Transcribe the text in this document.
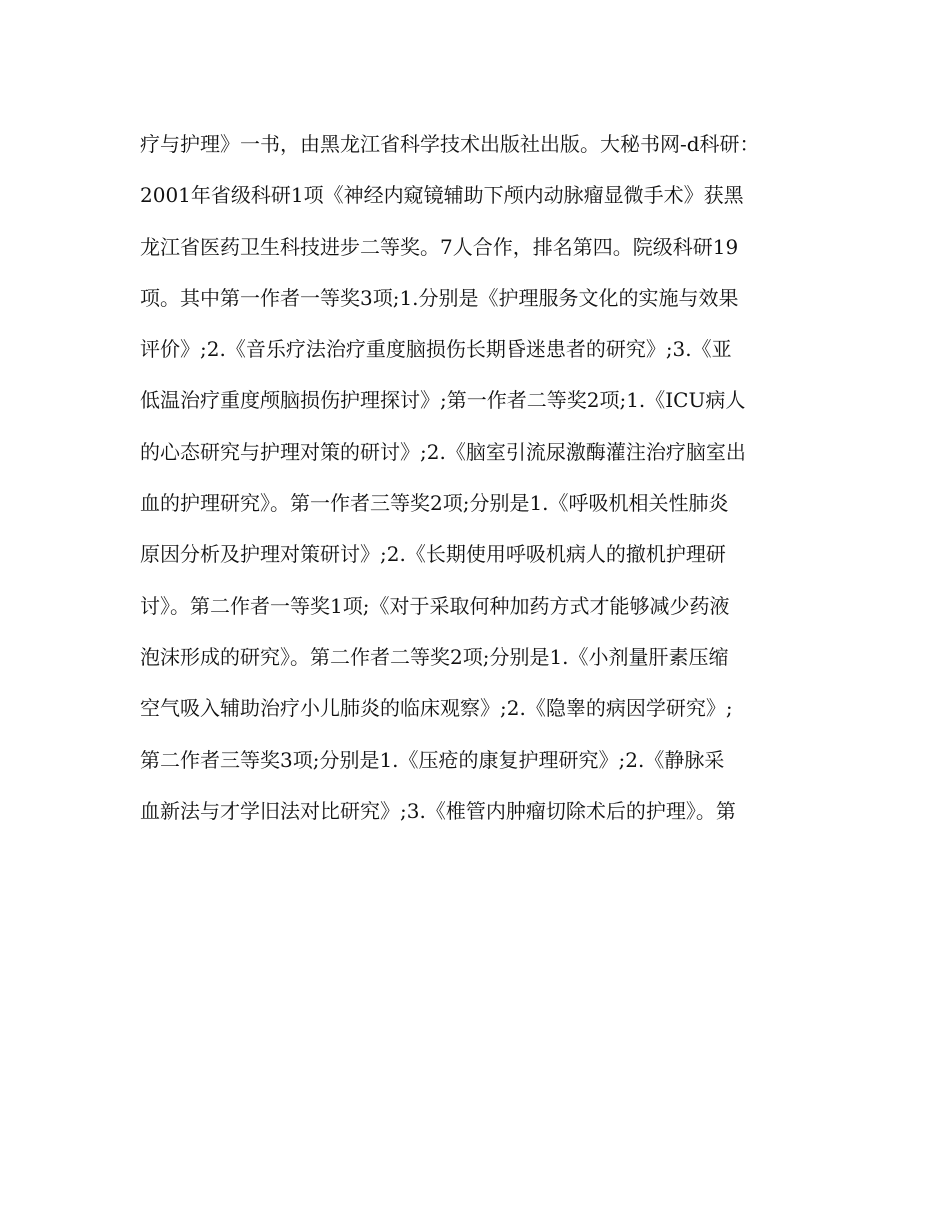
疗与护理》一书，由黑龙江省科学技术出版社出版。大秘书网-d科研：
2001年省级科研1项《神经内窥镜辅助下颅内动脉瘤显微手术》获黑
龙江省医药卫生科技进步二等奖。7人合作，排名第四。院级科研19
项。其中第一作者一等奖3项;1.分别是《护理服务文化的实施与效果
评价》;2.《音乐疗法治疗重度脑损伤长期昏迷患者的研究》;3.《亚
低温治疗重度颅脑损伤护理探讨》;第一作者二等奖2项;1.《ICU病人
的心态研究与护理对策的研讨》;2.《脑室引流尿激酶灌注治疗脑室出
血的护理研究》。第一作者三等奖2项;分别是1.《呼吸机相关性肺炎
原因分析及护理对策研讨》;2.《长期使用呼吸机病人的撤机护理研
讨》。第二作者一等奖1项;《对于采取何种加药方式才能够减少药液
泡沫形成的研究》。第二作者二等奖2项;分别是1.《小剂量肝素压缩
空气吸入辅助治疗小儿肺炎的临床观察》;2.《隐睾的病因学研究》;
第二作者三等奖3项;分别是1.《压疮的康复护理研究》;2.《静脉采
血新法与才学旧法对比研究》;3.《椎管内肿瘤切除术后的护理》。第
